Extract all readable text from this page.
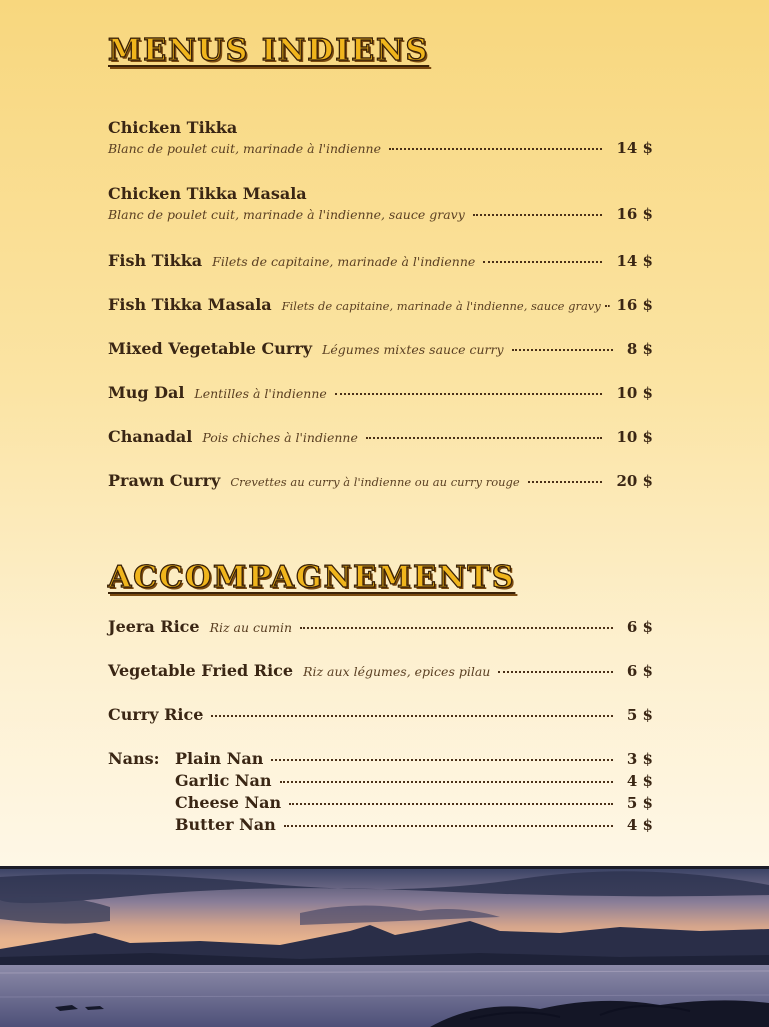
MENUS INDIENS
Chicken Tikka
Blanc de poulet cuit, marinade à l'indienne	14 $
Chicken Tikka Masala
Blanc de poulet cuit, marinade à l'indienne, sauce gravy	16 $
Fish Tikka Filets de capitaine, marinade à l'indienne	14 $
Fish Tikka Masala Filets de capitaine, marinade à l'indienne, sauce gravy 16 $
Mixed Vegetable Curry Légumes mixtes sauce curry	8 $
Mug Dal Lentilles à l'indienne	10 $
Chanadal Pois chiches à l'indienne	10 $
Prawn Curry Crevettes au curry à l'indienne ou au curry rouge	20 $
ACCOMPAGNEMENTS
Jeera Rice Riz au cumin	6 $
Vegetable Fried Rice Riz aux légumes, epices pilau	6 $
Curry Rice	5 $
Nans: Plain Nan	3 $
Garlic Nan	4 $
Cheese Nan	5 $
Butter Nan	4 $
